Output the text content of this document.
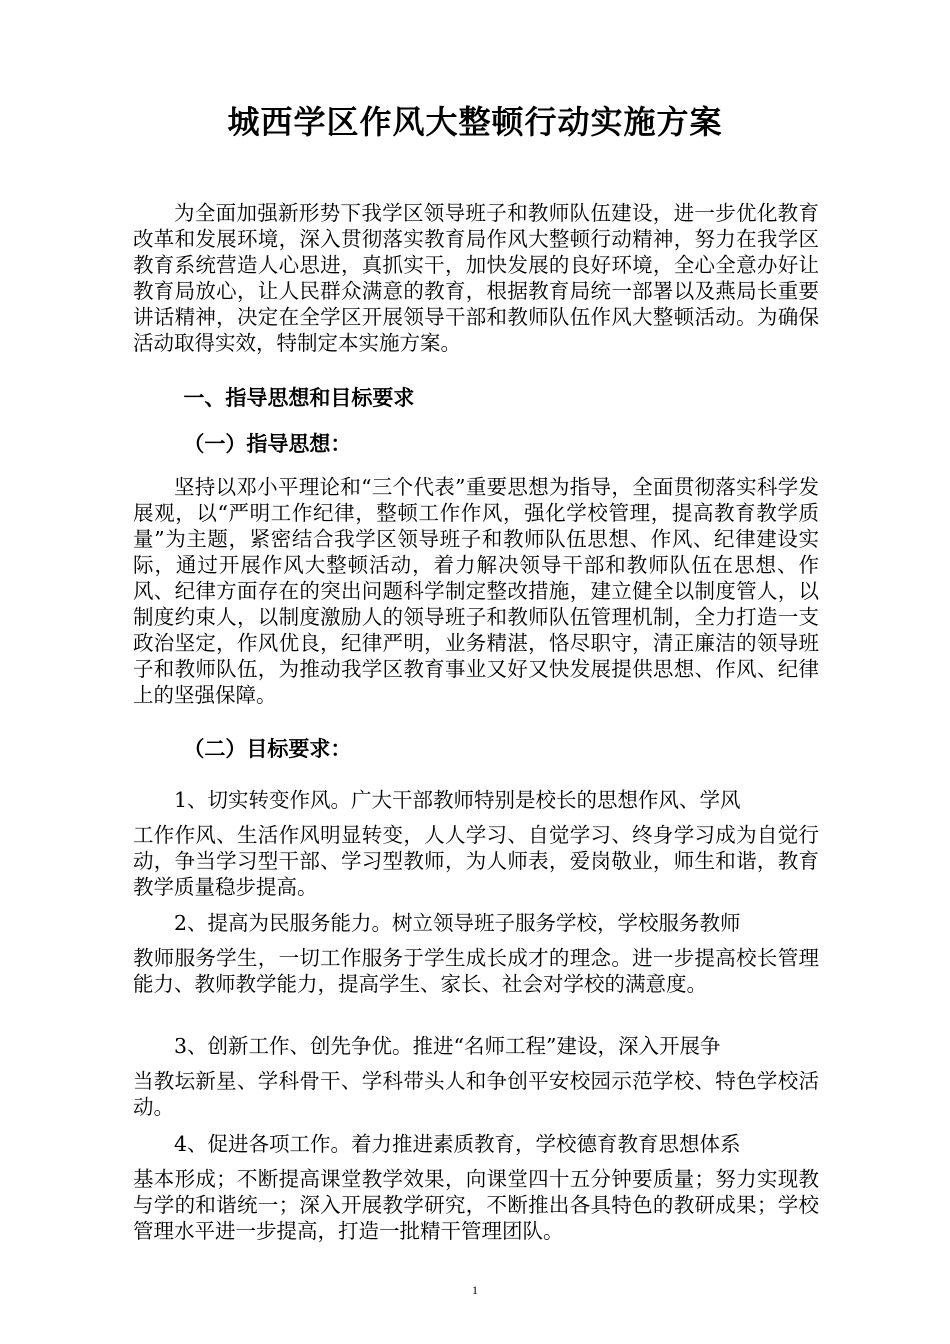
城西学区作风大整顿行动实施方案

为全面加强新形势下我学区领导班子和教师队伍建设，进一步优化教育改革和发展环境，深入贯彻落实教育局作风大整顿行动精神，努力在我学区教育系统营造人心思进，真抓实干，加快发展的良好环境，全心全意办好让教育局放心，让人民群众满意的教育，根据教育局统一部署以及燕局长重要讲话精神，决定在全学区开展领导干部和教师队伍作风大整顿活动。为确保活动取得实效，特制定本实施方案。

一、指导思想和目标要求
（一）指导思想：

坚持以邓小平理论和“三个代表”重要思想为指导，全面贯彻落实科学发展观，以“严明工作纪律，整顿工作作风，强化学校管理，提高教育教学质量”为主题，紧密结合我学区领导班子和教师队伍思想、作风、纪律建设实际，通过开展作风大整顿活动，着力解决领导干部和教师队伍在思想、作风、纪律方面存在的突出问题科学制定整改措施，建立健全以制度管人，以制度约束人，以制度激励人的领导班子和教师队伍管理机制，全力打造一支政治坚定，作风优良，纪律严明，业务精湛，恪尽职守，清正廉洁的领导班子和教师队伍，为推动我学区教育事业又好又快发展提供思想、作风、纪律上的坚强保障。

（二）目标要求：
1、切实转变作风。广大干部教师特别是校长的思想作风、学风
工作作风、生活作风明显转变，人人学习、自觉学习、终身学习成为自觉行动，争当学习型干部、学习型教师，为人师表，爱岗敬业，师生和谐，教育教学质量稳步提高。
2、提高为民服务能力。树立领导班子服务学校，学校服务教师
教师服务学生，一切工作服务于学生成长成才的理念。进一步提高校长管理能力、教师教学能力，提高学生、家长、社会对学校的满意度。
3、创新工作、创先争优。推进“名师工程”建设，深入开展争
当教坛新星、学科骨干、学科带头人和争创平安校园示范学校、特色学校活动。
4、促进各项工作。着力推进素质教育，学校德育教育思想体系
基本形成；不断提高课堂教学效果，向课堂四十五分钟要质量；努力实现教与学的和谐统一；深入开展教学研究，不断推出各具特色的教研成果；学校管理水平进一步提高，打造一批精干管理团队。
1
